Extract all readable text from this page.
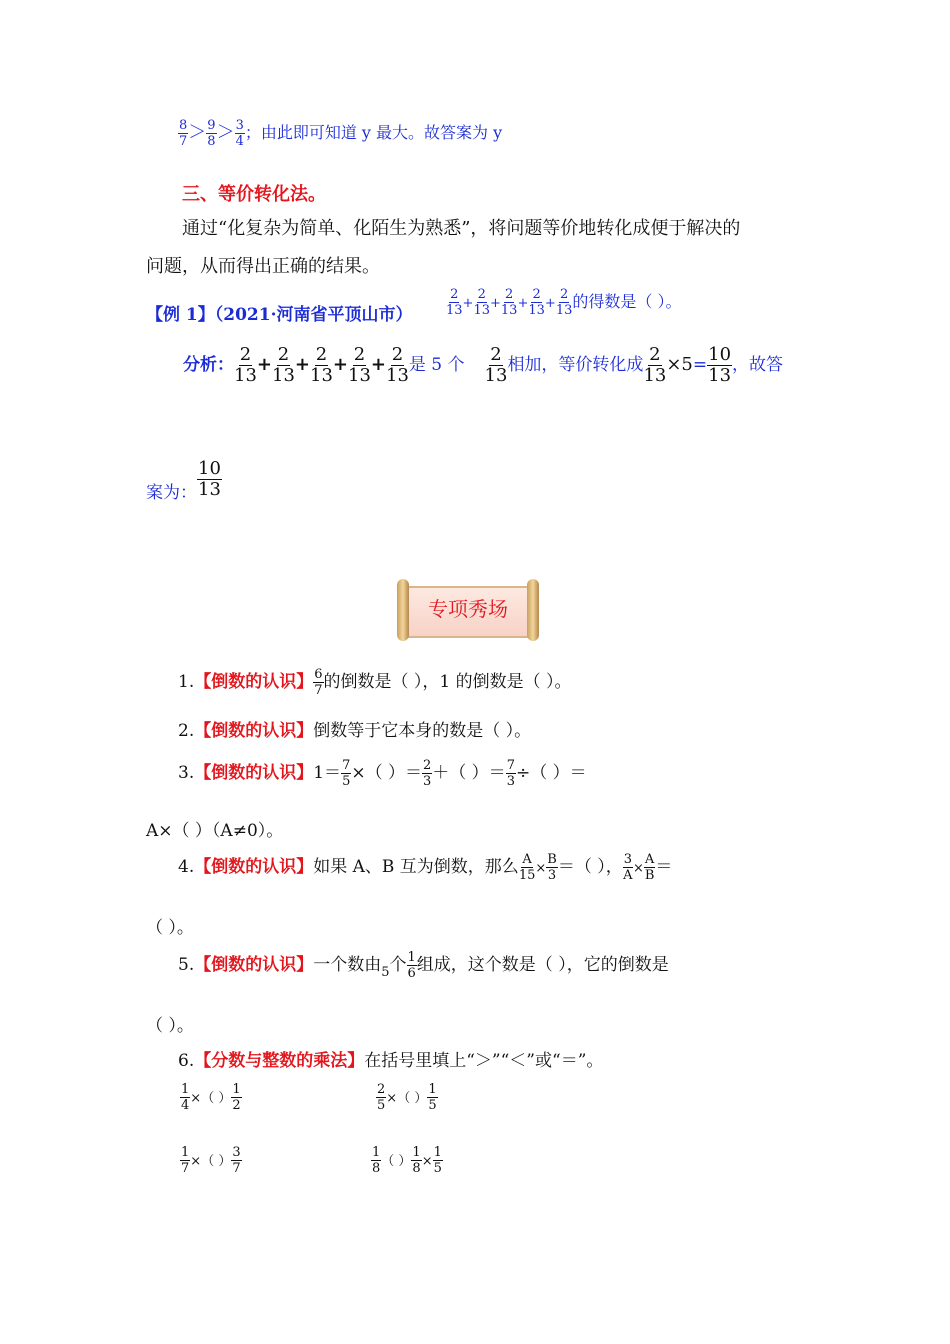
$\frac{8}{7} > \frac{9}{8} > \frac{3}{4}$ ；由此即可知道 y 最大。故答案为 y
三、等价转化法。
通过“化复杂为简单、化陌生为熟悉”，将问题等价地转化成便于解决的
问题，从而得出正确的结果。
【例 1】（2021·河南省平顶山市）	$\frac{2}{13} + \frac{2}{13} + \frac{2}{13} + \frac{2}{13} + \frac{2}{13}$ 的得数是（ ）。
分析： $\frac{2}{13} + \frac{2}{13} + \frac{2}{13} + \frac{2}{13} + \frac{2}{13}$ 是 5 个 $\frac{2}{13}$ 相加，等价转化成 $\frac{2}{13} \times 5= \frac{10}{13}$ ，故答
案为： $\frac{10}{13}$
专项秀场
1.【倒数的认识】 $\frac{6}{7}$ 的倒数是（ ），1 的倒数是（ ）。
2.【倒数的认识】倒数等于它本身的数是（ ）。
3.【倒数的认识】$1= \frac{7}{5}$ ×（ ）＝ $\frac{2}{3}$ ＋（ ）＝ $\frac{7}{3}$ ÷（ ）＝
A×（ ）（A≠0）。
4.【倒数的认识】如果 A、B 互为倒数，那么 $\frac{A}{15} \times \frac{B}{3}$ ＝（ ）， $\frac{3}{A} \times \frac{A}{B}$ ＝
（ ）。
5.【倒数的认识】一个数由$_5$个 $\frac{1}{6}$ 组成，这个数是（ ），它的倒数是
（ ）。
6.【分数与整数的乘法】在括号里填上“＞”“＜”或“＝”。
$\frac{1}{4}$ ×（ ） $\frac{1}{2}$	$\frac{2}{5}$ ×（ ） $\frac{1}{5}$
$\frac{1}{7}$ ×（ ） $\frac{3}{7}$	$\frac{1}{8}$ （ ） $\frac{1}{8} \times \frac{1}{5}$
